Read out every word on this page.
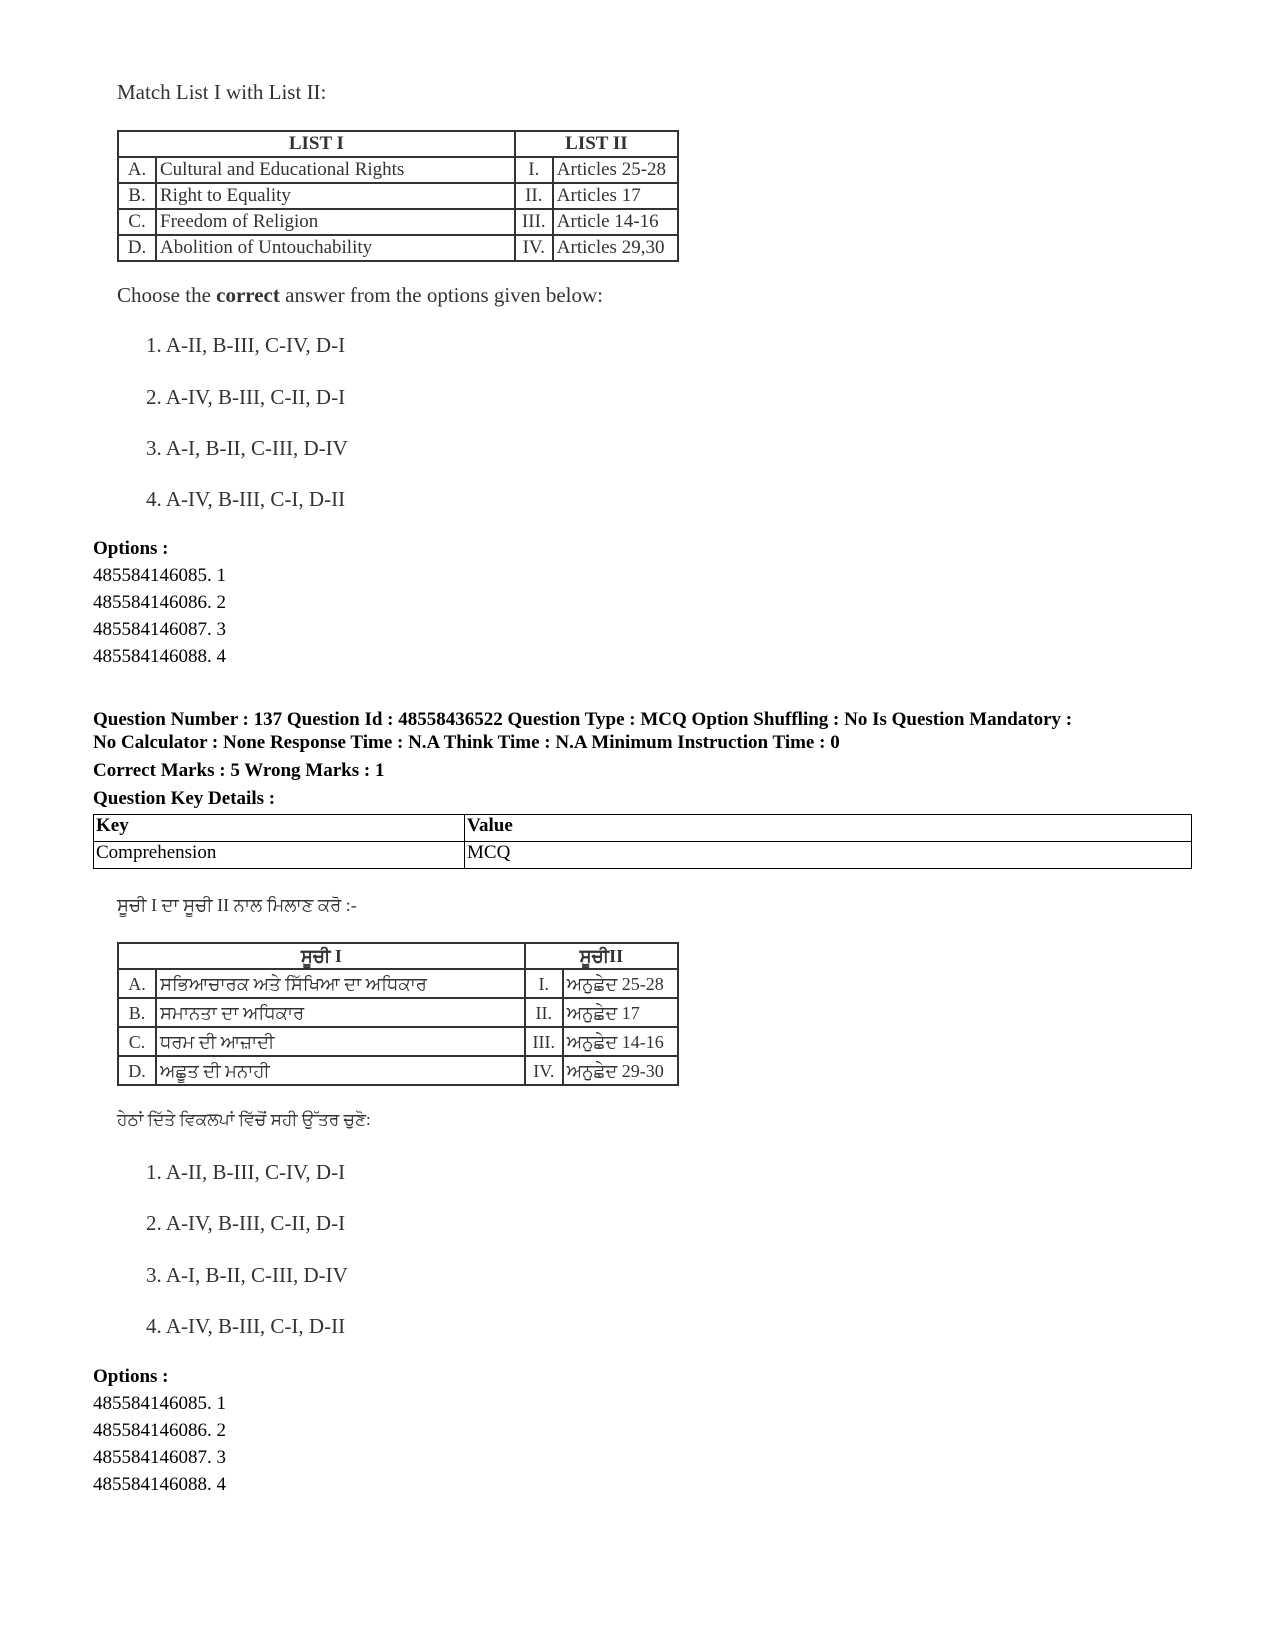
Match List I with List II:
LIST I		LIST II	
A.	Cultural and Educational Rights	I.	Articles 25-28
B.	Right to Equality	II.	Articles 17
C.	Freedom of Religion	III.	Article 14-16
D.	Abolition of Untouchability	IV.	Articles 29,30
Choose the correct answer from the options given below:
1. A-II, B-III, C-IV, D-I
2. A-IV, B-III, C-II, D-I
3. A-I, B-II, C-III, D-IV
4. A-IV, B-III, C-I, D-II
Options :
485584146085. 1
485584146086. 2
485584146087. 3
485584146088. 4
Question Number : 137 Question Id : 48558436522 Question Type : MCQ Option Shuffling : No Is Question Mandatory :
No Calculator : None Response Time : N.A Think Time : N.A Minimum Instruction Time : 0
Correct Marks : 5 Wrong Marks : 1
Question Key Details :
Key	Value
Comprehension	MCQ
ਸੂਚੀ I ਦਾ ਸੂਚੀ II ਨਾਲ ਮਿਲਾਣ ਕਰੋ :-
ਸੂਚੀ I		ਸੂਚੀII	
A.	ਸਭਿਆਚਾਰਕ ਅਤੇ ਸਿੱਖਿਆ ਦਾ ਅਧਿਕਾਰ	I.	ਅਨੁਛੇਦ 25-28
B.	ਸਮਾਨਤਾ ਦਾ ਅਧਿਕਾਰ	II.	ਅਨੁਛੇਦ 17
C.	ਧਰਮ ਦੀ ਆਜ਼ਾਦੀ	III.	ਅਨੁਛੇਦ 14-16
D.	ਅਛੂਤ ਦੀ ਮਨਾਹੀ	IV.	ਅਨੁਛੇਦ 29-30
ਹੇਠਾਂ ਦਿੱਤੇ ਵਿਕਲਪਾਂ ਵਿੱਚੋਂ ਸਹੀ ਉੱਤਰ ਚੁਣੋ:
1. A-II, B-III, C-IV, D-I
2. A-IV, B-III, C-II, D-I
3. A-I, B-II, C-III, D-IV
4. A-IV, B-III, C-I, D-II
Options :
485584146085. 1
485584146086. 2
485584146087. 3
485584146088. 4
